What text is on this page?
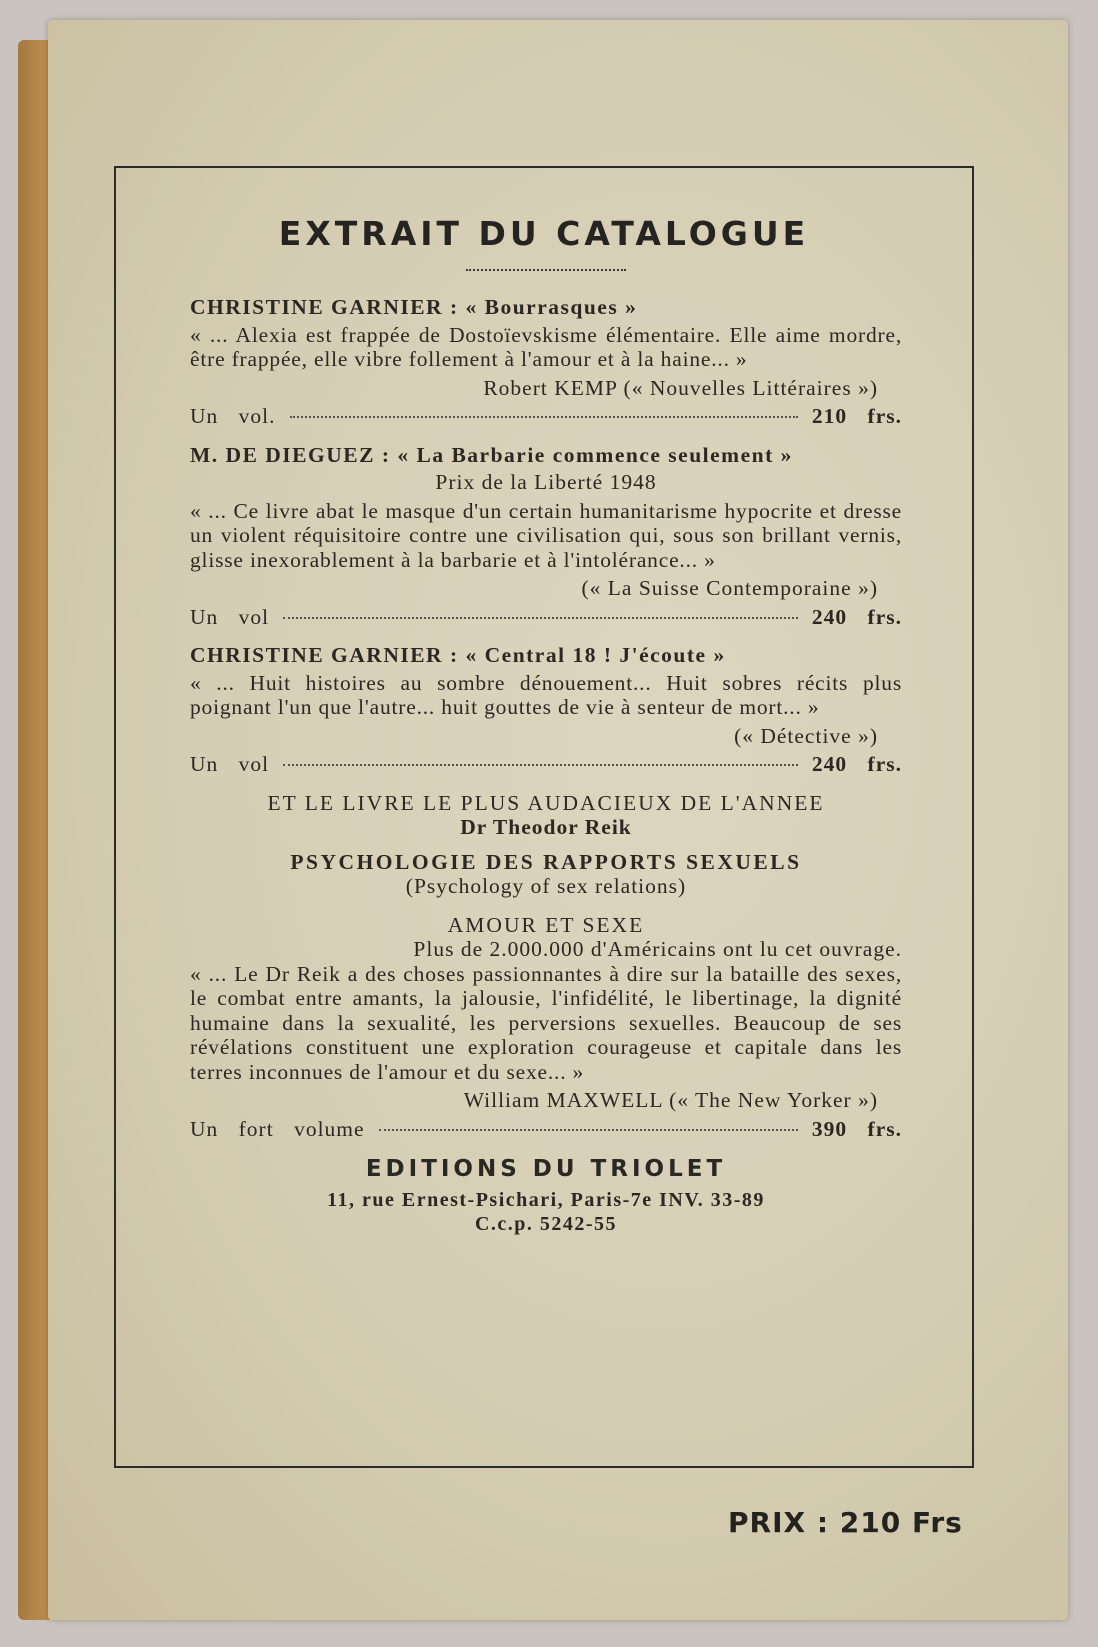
EXTRAIT DU CATALOGUE
CHRISTINE GARNIER : « Bourrasques »
« ... Alexia est frappée de Dostoïevskisme élémentaire. Elle aime mordre, être frappée, elle vibre follement à l'amour et à la haine... »
Robert KEMP (« Nouvelles Littéraires »)
Un vol.	210 frs.
M. DE DIEGUEZ : « La Barbarie commence seulement »
Prix de la Liberté 1948
« ... Ce livre abat le masque d'un certain humanitarisme hypocrite et dresse un violent réquisitoire contre une civilisation qui, sous son brillant vernis, glisse inexorablement à la barbarie et à l'intolérance... »
(« La Suisse Contemporaine »)
Un vol	240 frs.
CHRISTINE GARNIER : « Central 18 ! J'écoute »
« ... Huit histoires au sombre dénouement... Huit sobres récits plus poignant l'un que l'autre... huit gouttes de vie à senteur de mort... »
(« Détective »)
Un vol	240 frs.
ET LE LIVRE LE PLUS AUDACIEUX DE L'ANNEE
Dr Theodor Reik
PSYCHOLOGIE DES RAPPORTS SEXUELS
(Psychology of sex relations)
AMOUR ET SEXE
Plus de 2.000.000 d'Américains ont lu cet ouvrage.
« ... Le Dr Reik a des choses passionnantes à dire sur la bataille des sexes, le combat entre amants, la jalousie, l'infidélité, le libertinage, la dignité humaine dans la sexualité, les perversions sexuelles. Beaucoup de ses révélations constituent une exploration courageuse et capitale dans les terres inconnues de l'amour et du sexe... »
William MAXWELL (« The New Yorker »)
Un fort volume	390 frs.
EDITIONS DU TRIOLET
11, rue Ernest-Psichari, Paris-7e INV. 33-89
C.c.p. 5242-55
PRIX : 210 Frs
